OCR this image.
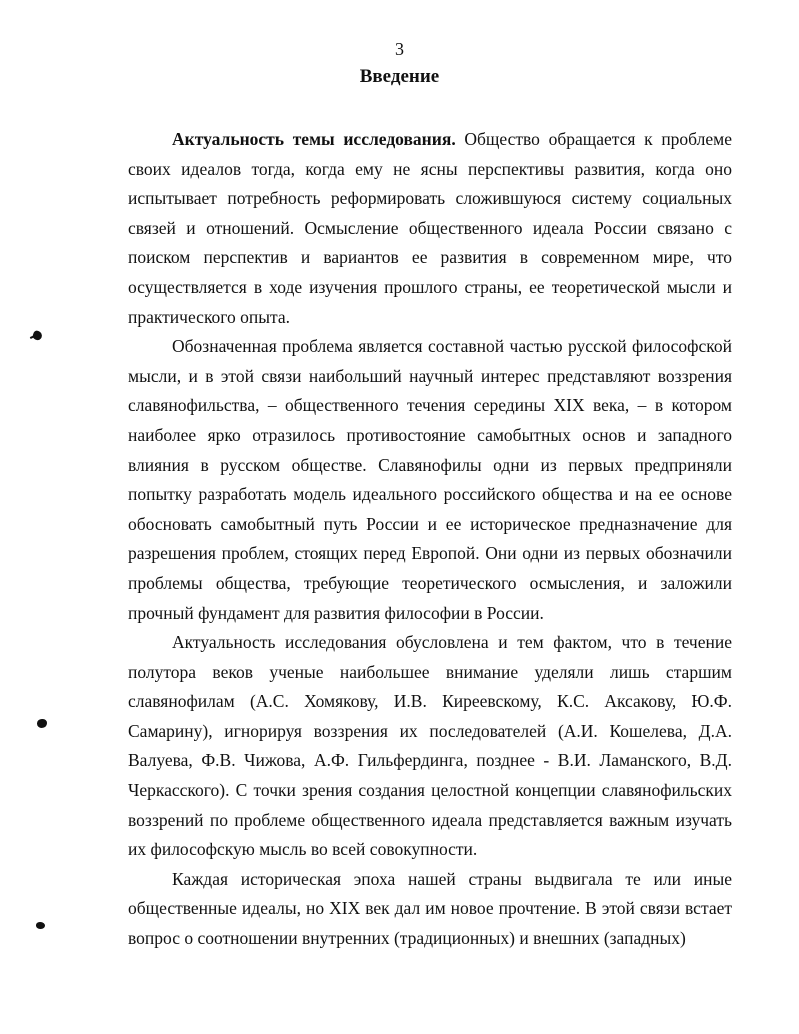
3
Введение

Актуальность темы исследования. Общество обращается к проблеме своих идеалов тогда, когда ему не ясны перспективы развития, когда оно испытывает потребность реформировать сложившуюся систему социальных связей и отношений. Осмысление общественного идеала России связано с поиском перспектив и вариантов ее развития в современном мире, что осуществляется в ходе изучения прошлого страны, ее теоретической мысли и практического опыта.

Обозначенная проблема является составной частью русской философской мысли, и в этой связи наибольший научный интерес представляют воззрения славянофильства, – общественного течения середины XIX века, – в котором наиболее ярко отразилось противостояние самобытных основ и западного влияния в русском обществе. Славянофилы одни из первых предприняли попытку разработать модель идеального российского общества и на ее основе обосновать самобытный путь России и ее историческое предназначение для разрешения проблем, стоящих перед Европой. Они одни из первых обозначили проблемы общества, требующие теоретического осмысления, и заложили прочный фундамент для развития философии в России.

Актуальность исследования обусловлена и тем фактом, что в течение полутора веков ученые наибольшее внимание уделяли лишь старшим славянофилам (А.С. Хомякову, И.В. Киреевскому, К.С. Аксакову, Ю.Ф. Самарину), игнорируя воззрения их последователей (А.И. Кошелева, Д.А. Валуева, Ф.В. Чижова, А.Ф. Гильфердинга, позднее - В.И. Ламанского, В.Д. Черкасского). С точки зрения создания целостной концепции славянофильских воззрений по проблеме общественного идеала представляется важным изучать их философскую мысль во всей совокупности.

Каждая историческая эпоха нашей страны выдвигала те или иные общественные идеалы, но XIX век дал им новое прочтение. В этой связи встает вопрос о соотношении внутренних (традиционных) и внешних (западных)
